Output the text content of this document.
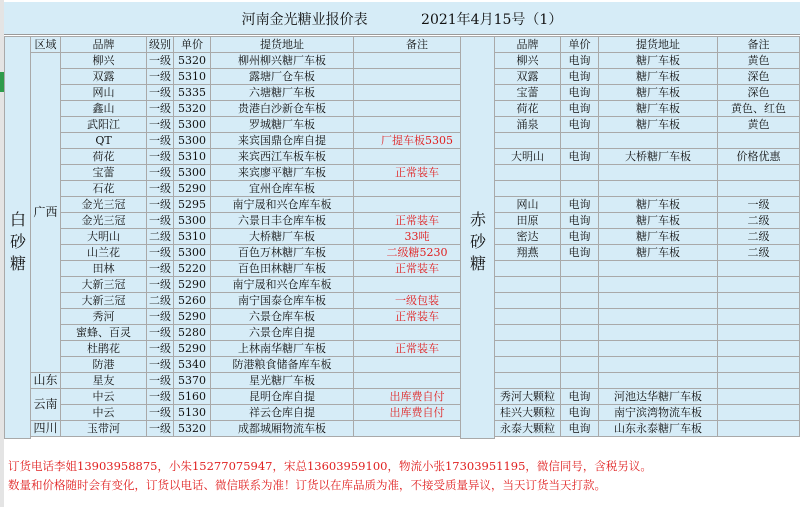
河南金光糖业报价表            2021年4月15号（1）
白
砂
糖
区域	品牌	级别	单价	提货地址	备注
广西	柳兴	一级	5320	柳州柳兴糖厂车板	
	双露	一级	5310	露塘厂仓车板	
	网山	一级	5335	六塘糖厂车板	
	鑫山	一级	5320	贵港白沙新仓车板	
	武阳江	一级	5300	罗城糖厂车板	
	QT	一级	5300	来宾国鼎仓库自提	厂提车板5305
	荷花	一级	5310	来宾西江车板车板	
	宝蕾	一级	5300	来宾廖平糖厂车板	正常装车
	石花	一级	5290	宜州仓库车板	
	金光三冠	一级	5295	南宁晟和兴仓库车板	
	金光三冠	一级	5300	六景日丰仓库车板	正常装车
	大明山	二级	5310	大桥糖厂车板	33吨
	山兰花	一级	5300	百色万林糖厂车板	二级糖5230
	田林	一级	5220	百色田林糖厂车板	正常装车
	大新三冠	一级	5290	南宁晟和兴仓库车板	
	大新三冠	二级	5260	南宁国泰仓库车板	一级包装
	秀河	一级	5290	六景仓库车板	正常装车
	蜜蜂、百灵	一级	5280	六景仓库自提	
	杜鹃花	一级	5290	上林南华糖厂车板	正常装车
	防港	一级	5340	防港粮食储备库车板	
山东	星友	一级	5370	星光糖厂车板	
云南	中云	一级	5160	昆明仓库自提	出库费自付
	中云	一级	5130	祥云仓库自提	出库费自付
四川	玉带河	一级	5320	成都城厢物流车板	
赤
砂
糖
品牌	单价	提货地址	备注
柳兴	电询	糖厂车板	黄色
双露	电询	糖厂车板	深色
宝蕾	电询	糖厂车板	深色
荷花	电询	糖厂车板	黄色、红色
涌泉	电询	糖厂车板	黄色

大明山	电询	大桥糖厂车板	价格优惠

网山	电询	糖厂车板	一级
田原	电询	糖厂车板	二级
密达	电询	糖厂车板	二级
翔燕	电询	糖厂车板	二级

秀河大颗粒	电询	河池达华糖厂车板	
桂兴大颗粒	电询	南宁滨湾物流车板	
永泰大颗粒	电询	山东永泰糖厂车板	
订货电话李姐13903958875，小朱15277075947，宋总13603959100，物流小张17303951195，微信同号，含税另议。
数量和价格随时会有变化，订货以电话、微信联系为准！订货以在库品质为准，不接受质量异议，当天订货当天打款。
